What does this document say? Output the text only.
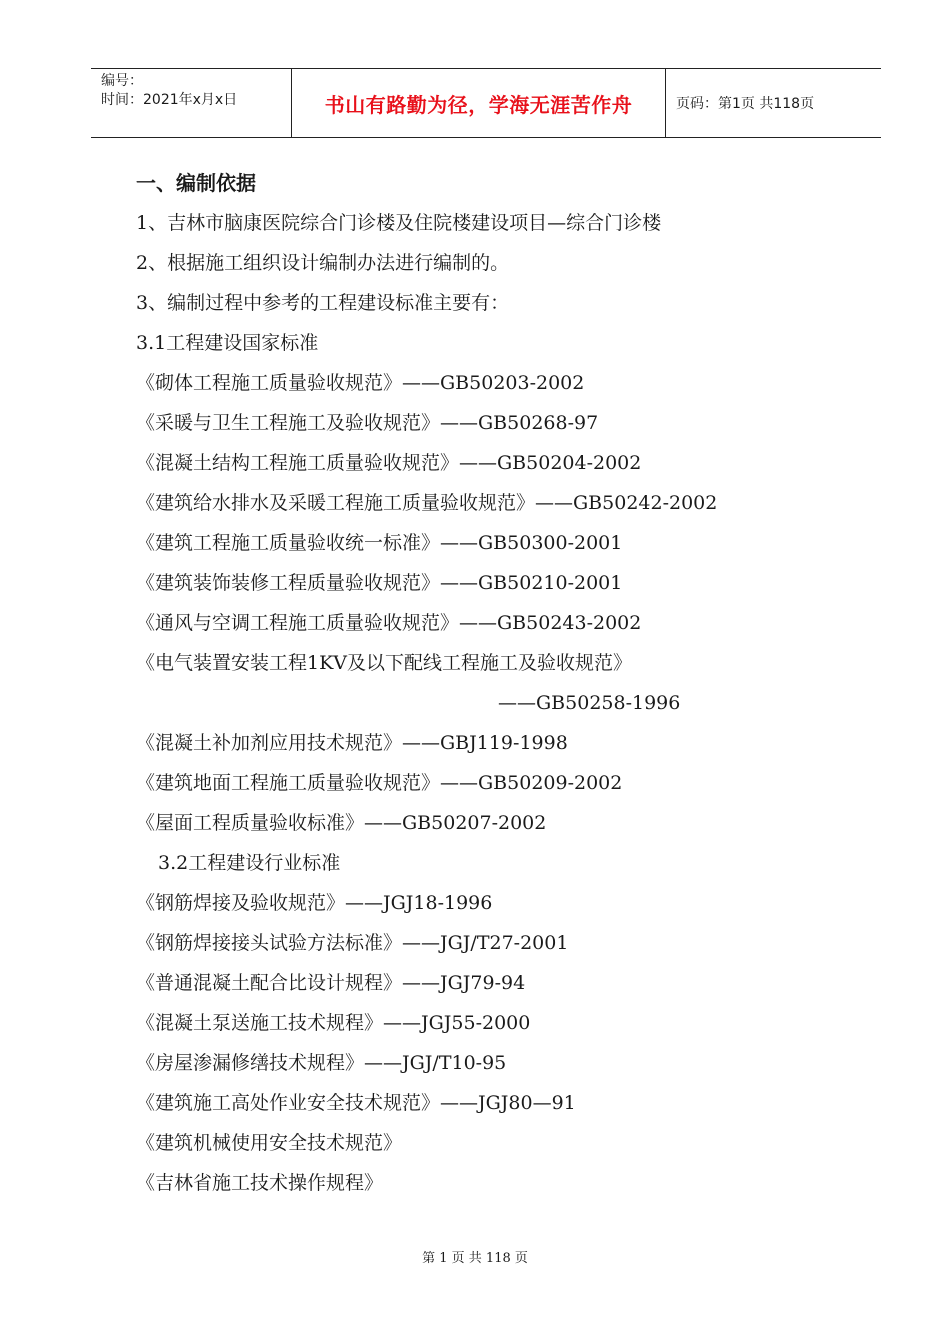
编号：
时间：2021年x月x日	书山有路勤为径，学海无涯苦作舟	页码：第1页 共118页
一、编制依据
1、吉林市脑康医院综合门诊楼及住院楼建设项目—综合门诊楼
2、根据施工组织设计编制办法进行编制的。
3、编制过程中参考的工程建设标准主要有：
3.1工程建设国家标准
《砌体工程施工质量验收规范》——GB50203-2002
《采暖与卫生工程施工及验收规范》——GB50268-97
《混凝土结构工程施工质量验收规范》——GB50204-2002
《建筑给水排水及采暖工程施工质量验收规范》——GB50242-2002
《建筑工程施工质量验收统一标准》——GB50300-2001
《建筑装饰装修工程质量验收规范》——GB50210-2001
《通风与空调工程施工质量验收规范》——GB50243-2002
《电气装置安装工程1KV及以下配线工程施工及验收规范》
——GB50258-1996
《混凝土补加剂应用技术规范》——GBJ119-1998
《建筑地面工程施工质量验收规范》——GB50209-2002
《屋面工程质量验收标准》——GB50207-2002
3.2工程建设行业标准
《钢筋焊接及验收规范》——JGJ18-1996
《钢筋焊接接头试验方法标准》——JGJ/T27-2001
《普通混凝土配合比设计规程》——JGJ79-94
《混凝土泵送施工技术规程》——JGJ55-2000
《房屋渗漏修缮技术规程》——JGJ/T10-95
《建筑施工高处作业安全技术规范》——JGJ80—91
《建筑机械使用安全技术规范》
《吉林省施工技术操作规程》
第 1 页 共 118 页
